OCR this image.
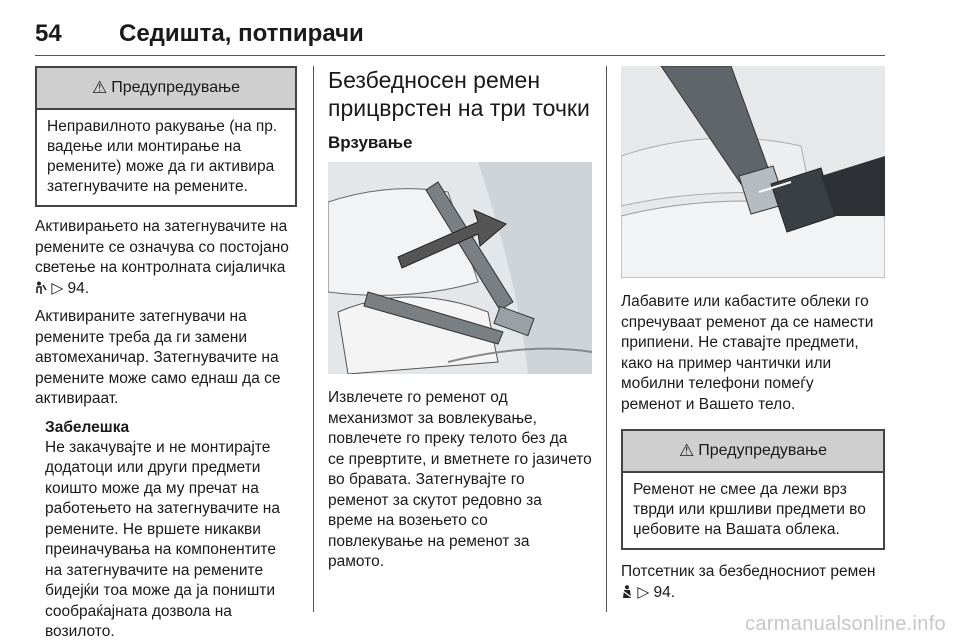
54 Седишта, потпирачи
⚠ Предупредување
Неправилното ракување (на пр.
вадење или монтирање на
ремените) може да ги активира
затегнувачите на ремените.

Активирањето на затегнувачите на
ремените се означува со постојано
светење на контролната сијаличка
▷ 94.

Активираните затегнувачи на
ремените треба да ги замени
автомеханичар. Затегнувачите на
ремените може само еднаш да се
активираат.

Забелешка

Не закачувајте и не монтирајте
додатоци или други предмети
коишто може да му пречат на
работењето на затегнувачите на
ремените. Не вршете никакви
преиначувања на компонентите
на затегнувачите на ремените
бидејќи тоа може да ја поништи
сообраќајната дозвола на
возилото.

Безбедносен ремен
прицврстен на три точки
Врзување

Извлечете го ременот од
механизмот за вовлекување,
повлечете го преку телото без да
се превртите, и вметнете го јазичето
во бравата. Затегнувајте го
ременот за скутот редовно за
време на возењето со
повлекување на ременот за
рамото.

Лабавите или кабастите облеки го
спречуваат ременот да се намести
припиени. Не ставајте предмети,
како на пример чантички или
мобилни телефони помеѓу
ременот и Вашето тело.

⚠ Предупредување
Ременот не смее да лежи врз
тврди или кршливи предмети во
џебовите на Вашата облека.

Потсетник за безбедносниот ремен
▷ 94.

carmanualsonline.info
